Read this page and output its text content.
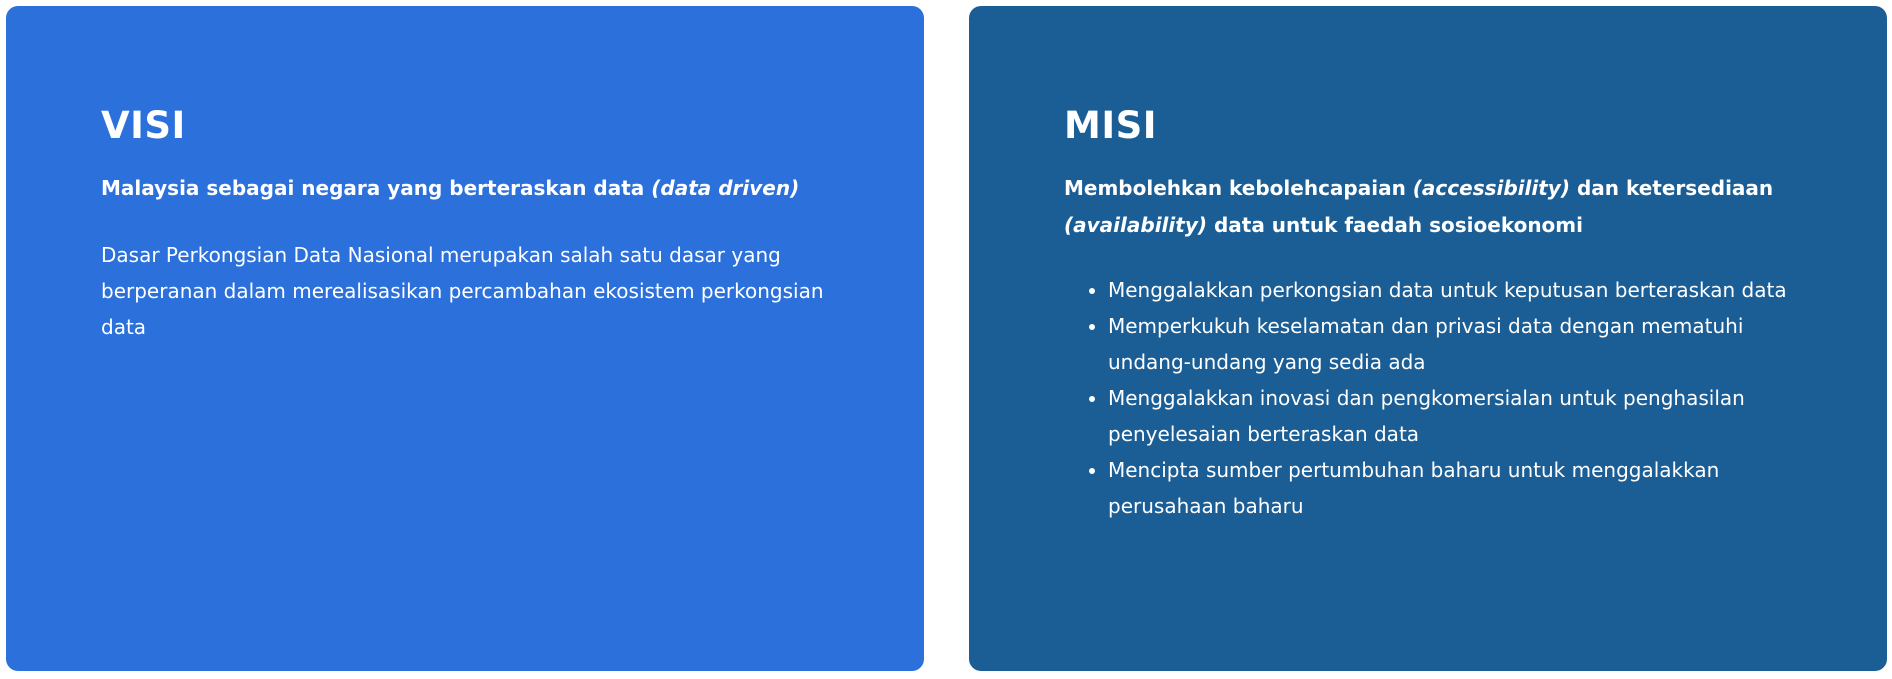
VISI

Malaysia sebagai negara yang berteraskan data (data driven)

Dasar Perkongsian Data Nasional merupakan salah satu dasar yang berperanan dalam merealisasikan percambahan ekosistem perkongsian data

MISI

Membolehkan kebolehcapaian (accessibility) dan ketersediaan (availability) data untuk faedah sosioekonomi

• Menggalakkan perkongsian data untuk keputusan berteraskan data
• Memperkukuh keselamatan dan privasi data dengan mematuhi undang-undang yang sedia ada
• Menggalakkan inovasi dan pengkomersialan untuk penghasilan penyelesaian berteraskan data
• Mencipta sumber pertumbuhan baharu untuk menggalakkan perusahaan baharu
